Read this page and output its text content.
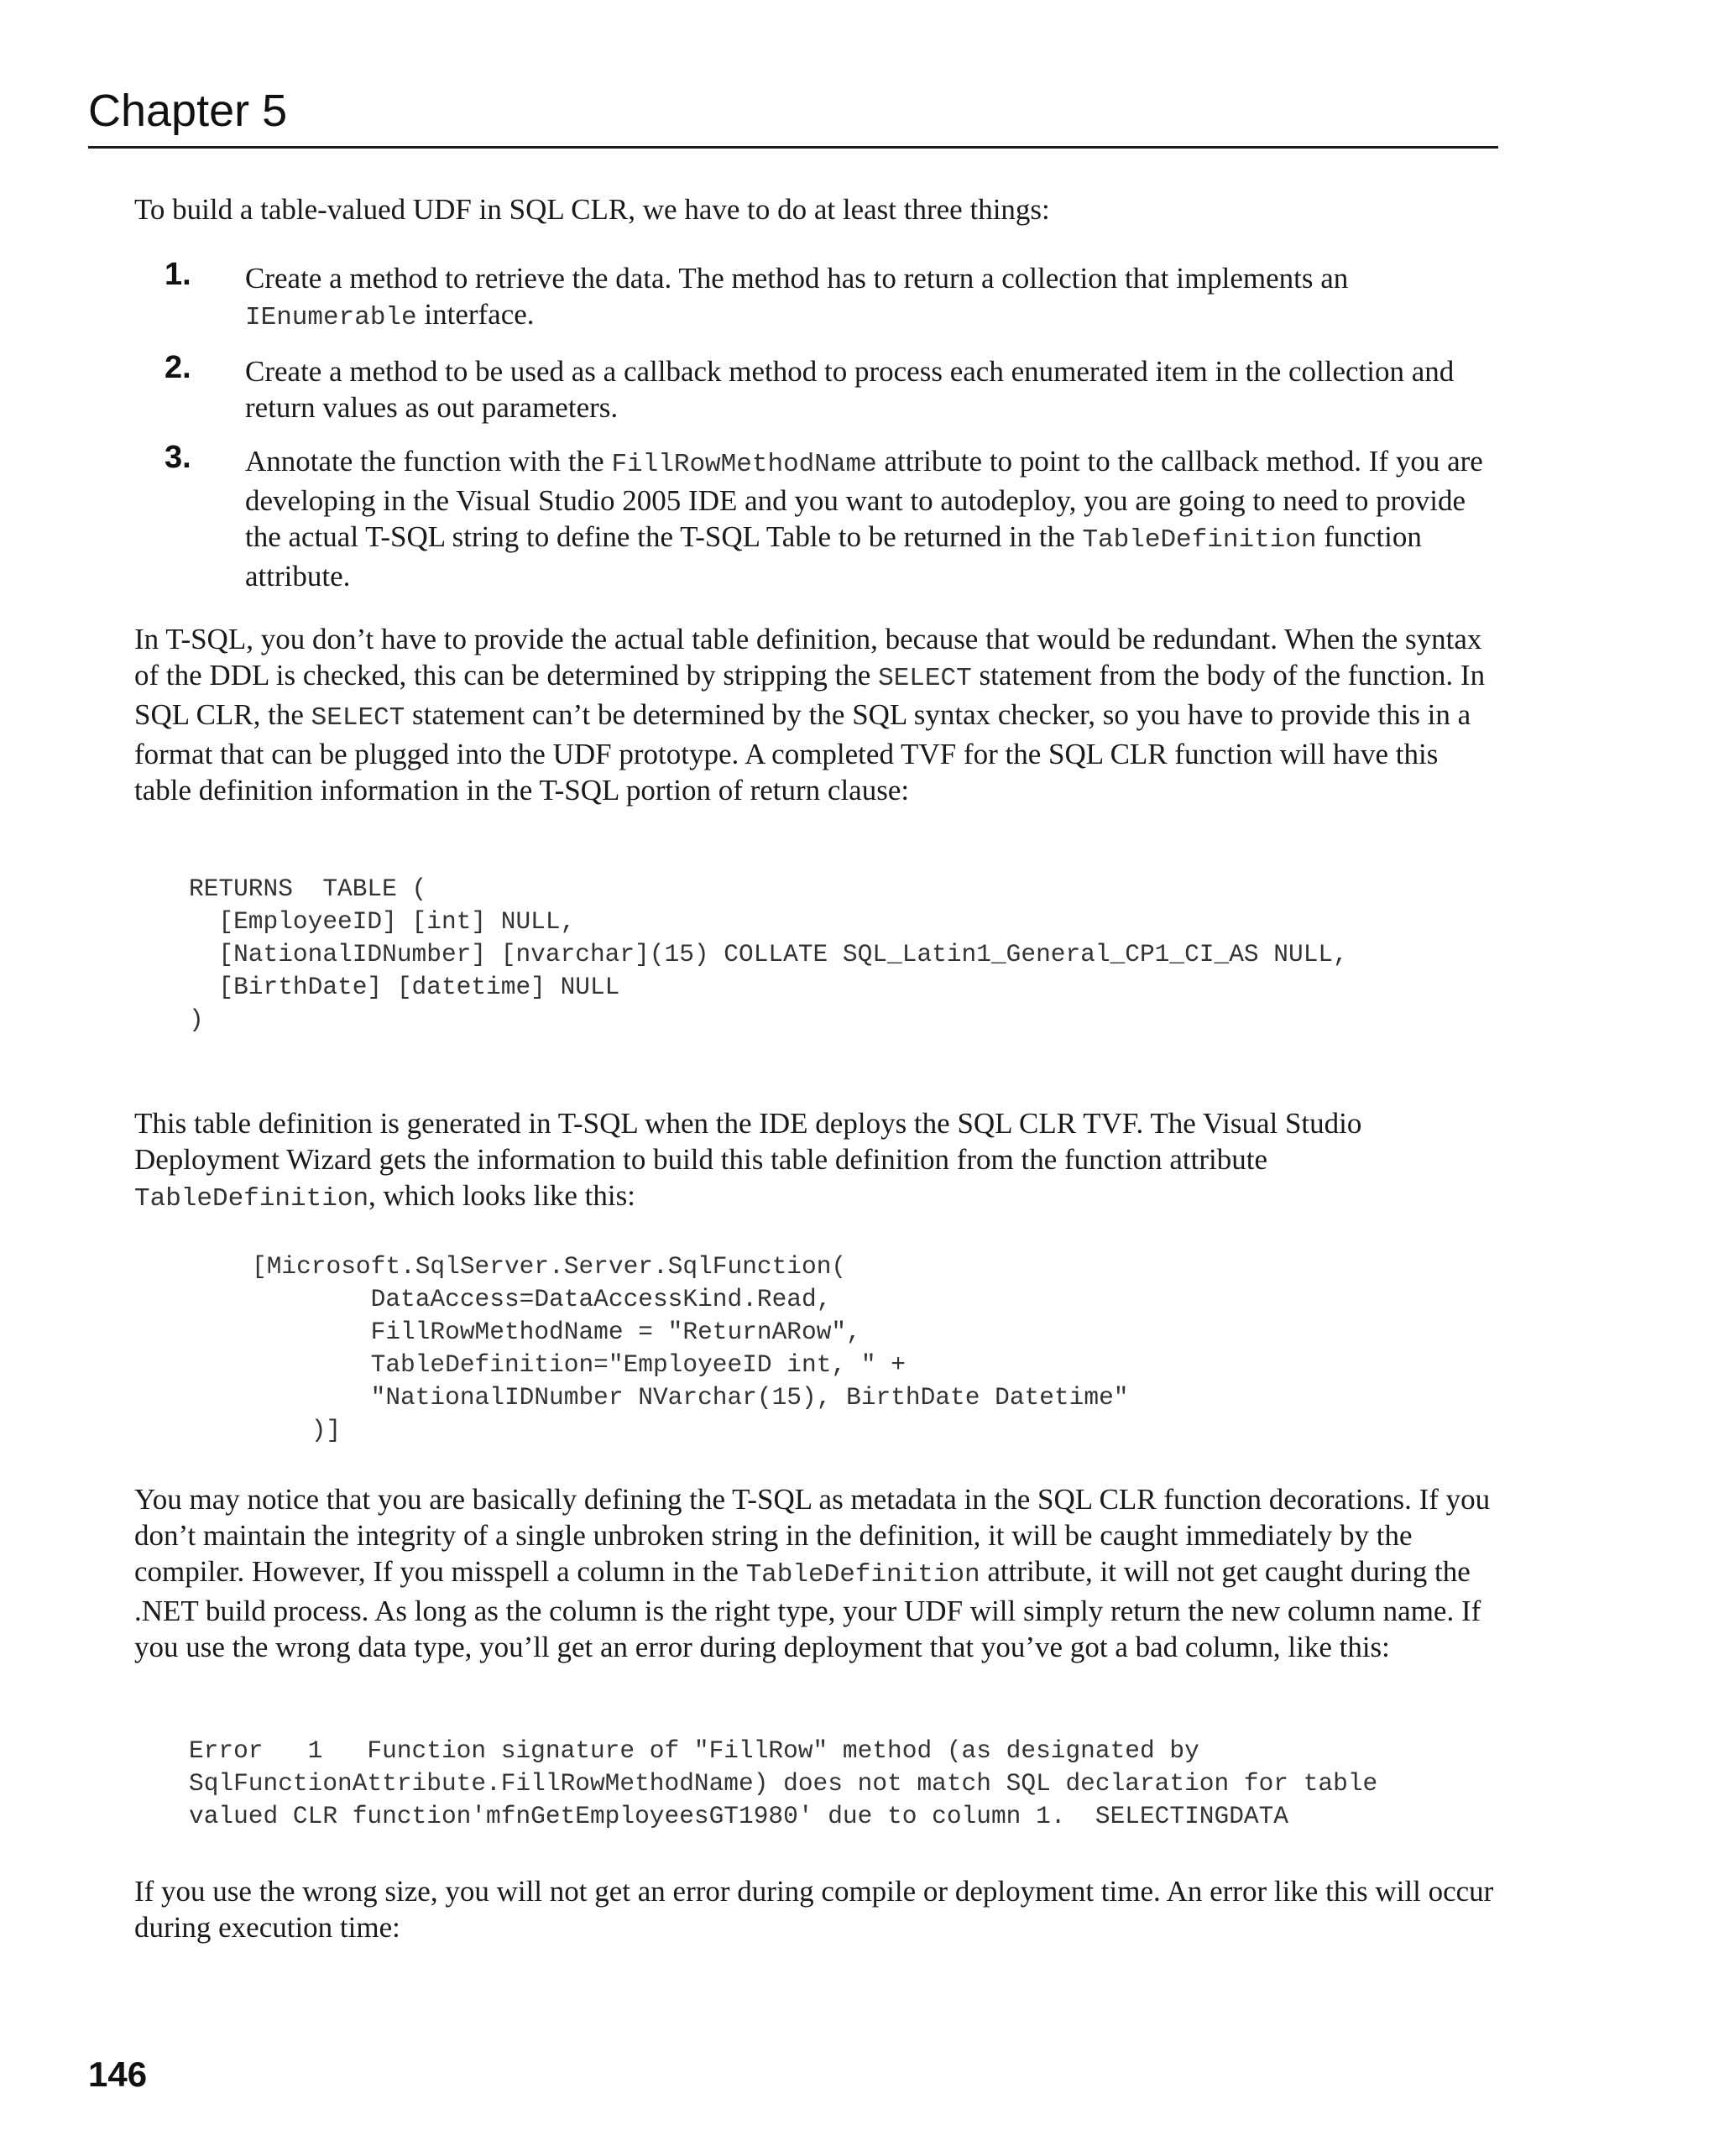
Chapter 5
To build a table-valued UDF in SQL CLR, we have to do at least three things:
1. Create a method to retrieve the data. The method has to return a collection that implements an IEnumerable interface.
2. Create a method to be used as a callback method to process each enumerated item in the collection and return values as out parameters.
3. Annotate the function with the FillRowMethodName attribute to point to the callback method. If you are developing in the Visual Studio 2005 IDE and you want to autodeploy, you are going to need to provide the actual T-SQL string to define the T-SQL Table to be returned in the TableDefinition function attribute.
In T-SQL, you don’t have to provide the actual table definition, because that would be redundant. When the syntax of the DDL is checked, this can be determined by stripping the SELECT statement from the body of the function. In SQL CLR, the SELECT statement can’t be determined by the SQL syntax checker, so you have to provide this in a format that can be plugged into the UDF prototype. A completed TVF for the SQL CLR function will have this table definition information in the T-SQL portion of return clause:
RETURNS  TABLE (
[EmployeeID] [int] NULL,
[NationalIDNumber] [nvarchar](15) COLLATE SQL_Latin1_General_CP1_CI_AS NULL,
[BirthDate] [datetime] NULL
)
This table definition is generated in T-SQL when the IDE deploys the SQL CLR TVF. The Visual Studio Deployment Wizard gets the information to build this table definition from the function attribute TableDefinition, which looks like this:
[Microsoft.SqlServer.Server.SqlFunction(
DataAccess=DataAccessKind.Read,
FillRowMethodName = "ReturnARow",
TableDefinition="EmployeeID int, " +
"NationalIDNumber NVarchar(15), BirthDate Datetime"
)]
You may notice that you are basically defining the T-SQL as metadata in the SQL CLR function decorations. If you don’t maintain the integrity of a single unbroken string in the definition, it will be caught immediately by the compiler. However, If you misspell a column in the TableDefinition attribute, it will not get caught during the .NET build process. As long as the column is the right type, your UDF will simply return the new column name. If you use the wrong data type, you’ll get an error during deployment that you’ve got a bad column, like this:
Error   1   Function signature of "FillRow" method (as designated by
SqlFunctionAttribute.FillRowMethodName) does not match SQL declaration for table
valued CLR function'mfnGetEmployeesGT1980' due to column 1.  SELECTINGDATA
If you use the wrong size, you will not get an error during compile or deployment time. An error like this will occur during execution time:
146
